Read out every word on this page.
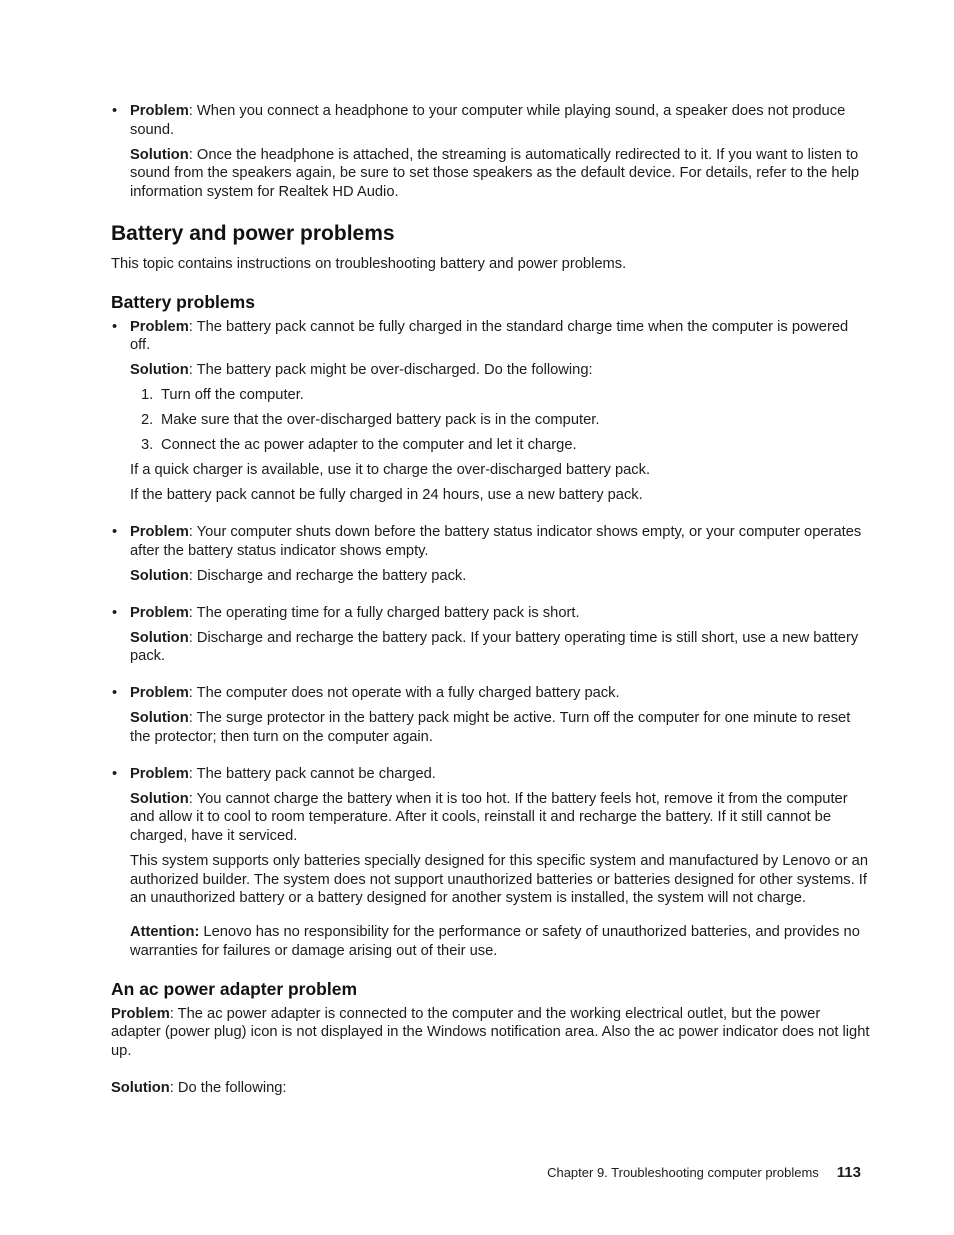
• Problem: When you connect a headphone to your computer while playing sound, a speaker does not produce sound.

Solution: Once the headphone is attached, the streaming is automatically redirected to it. If you want to listen to sound from the speakers again, be sure to set those speakers as the default device. For details, refer to the help information system for Realtek HD Audio.

Battery and power problems

This topic contains instructions on troubleshooting battery and power problems.

Battery problems

• Problem: The battery pack cannot be fully charged in the standard charge time when the computer is powered off.

Solution: The battery pack might be over-discharged. Do the following:

1. Turn off the computer.
2. Make sure that the over-discharged battery pack is in the computer.
3. Connect the ac power adapter to the computer and let it charge.

If a quick charger is available, use it to charge the over-discharged battery pack.

If the battery pack cannot be fully charged in 24 hours, use a new battery pack.

• Problem: Your computer shuts down before the battery status indicator shows empty, or your computer operates after the battery status indicator shows empty.

Solution: Discharge and recharge the battery pack.

• Problem: The operating time for a fully charged battery pack is short.

Solution: Discharge and recharge the battery pack. If your battery operating time is still short, use a new battery pack.

• Problem: The computer does not operate with a fully charged battery pack.

Solution: The surge protector in the battery pack might be active. Turn off the computer for one minute to reset the protector; then turn on the computer again.

• Problem: The battery pack cannot be charged.

Solution: You cannot charge the battery when it is too hot. If the battery feels hot, remove it from the computer and allow it to cool to room temperature. After it cools, reinstall it and recharge the battery. If it still cannot be charged, have it serviced.

This system supports only batteries specially designed for this specific system and manufactured by Lenovo or an authorized builder. The system does not support unauthorized batteries or batteries designed for other systems. If an unauthorized battery or a battery designed for another system is installed, the system will not charge.

Attention: Lenovo has no responsibility for the performance or safety of unauthorized batteries, and provides no warranties for failures or damage arising out of their use.

An ac power adapter problem

Problem: The ac power adapter is connected to the computer and the working electrical outlet, but the power adapter (power plug) icon is not displayed in the Windows notification area. Also the ac power indicator does not light up.

Solution: Do the following:

Chapter 9. Troubleshooting computer problems 113
